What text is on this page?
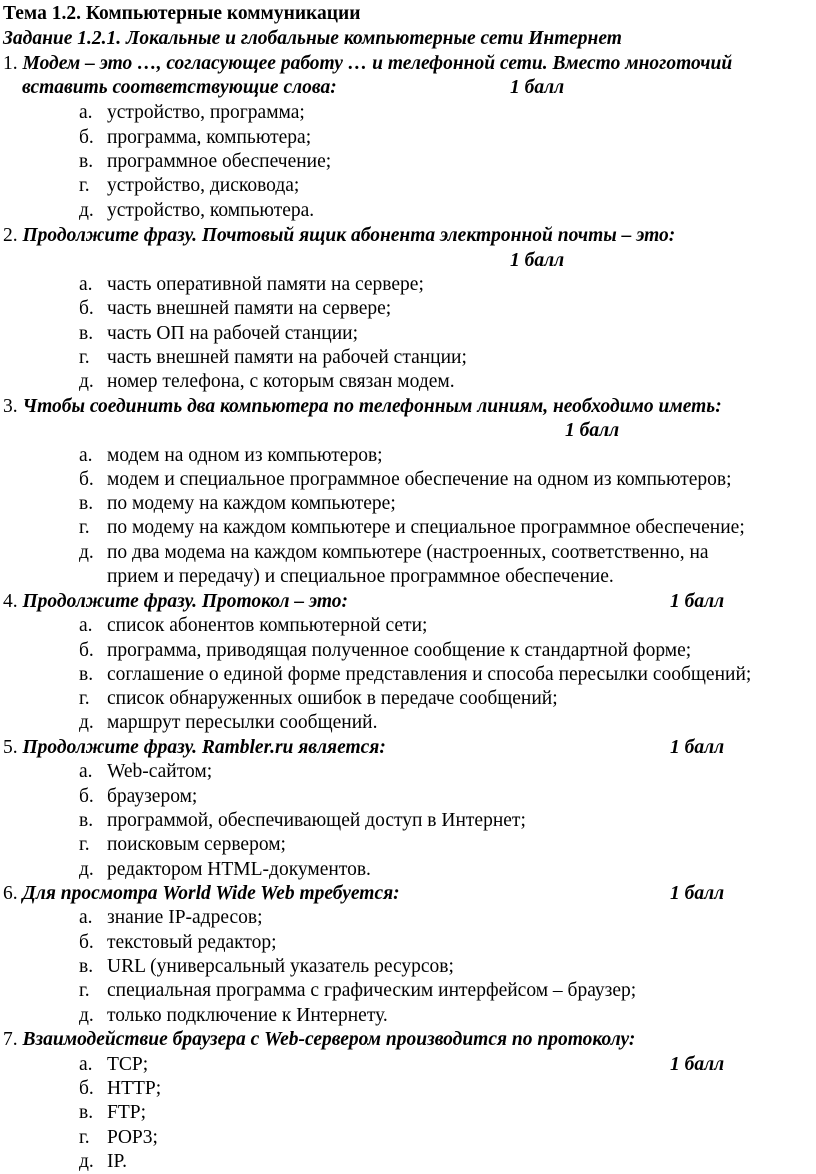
Тема 1.2. Компьютерные коммуникации
Задание 1.2.1. Локальные и глобальные компьютерные сети Интернет
1. Модем – это …, согласующее работу … и телефонной сети. Вместо многоточий
вставить соответствующие слова:	1 балл
а. устройство, программа;
б. программа, компьютера;
в. программное обеспечение;
г. устройство, дисковода;
д. устройство, компьютера.
2. Продолжите фразу. Почтовый ящик абонента электронной почты – это:
1 балл
а. часть оперативной памяти на сервере;
б. часть внешней памяти на сервере;
в. часть ОП на рабочей станции;
г. часть внешней памяти на рабочей станции;
д. номер телефона, с которым связан модем.
3. Чтобы соединить два компьютера по телефонным линиям, необходимо иметь:
1 балл
а. модем на одном из компьютеров;
б. модем и специальное программное обеспечение на одном из компьютеров;
в. по модему на каждом компьютере;
г. по модему на каждом компьютере и специальное программное обеспечение;
д. по два модема на каждом компьютере (настроенных, соответственно, на
прием и передачу) и специальное программное обеспечение.
4. Продолжите фразу. Протокол – это:	1 балл
а. список абонентов компьютерной сети;
б. программа, приводящая полученное сообщение к стандартной форме;
в. соглашение о единой форме представления и способа пересылки сообщений;
г. список обнаруженных ошибок в передаче сообщений;
д. маршрут пересылки сообщений.
5. Продолжите фразу. Rambler.ru является:	1 балл
а. Web-сайтом;
б. браузером;
в. программой, обеспечивающей доступ в Интернет;
г. поисковым сервером;
д. редактором HTML-документов.
6. Для просмотра World Wide Web требуется:	1 балл
а. знание IP-адресов;
б. текстовый редактор;
в. URL (универсальный указатель ресурсов;
г. специальная программа с графическим интерфейсом – браузер;
д. только подключение к Интернету.
7. Взаимодействие браузера с Web-сервером производится по протоколу:
1 балл
а. TCP;
б. HTTP;
в. FTP;
г. POP3;
д. IP.
